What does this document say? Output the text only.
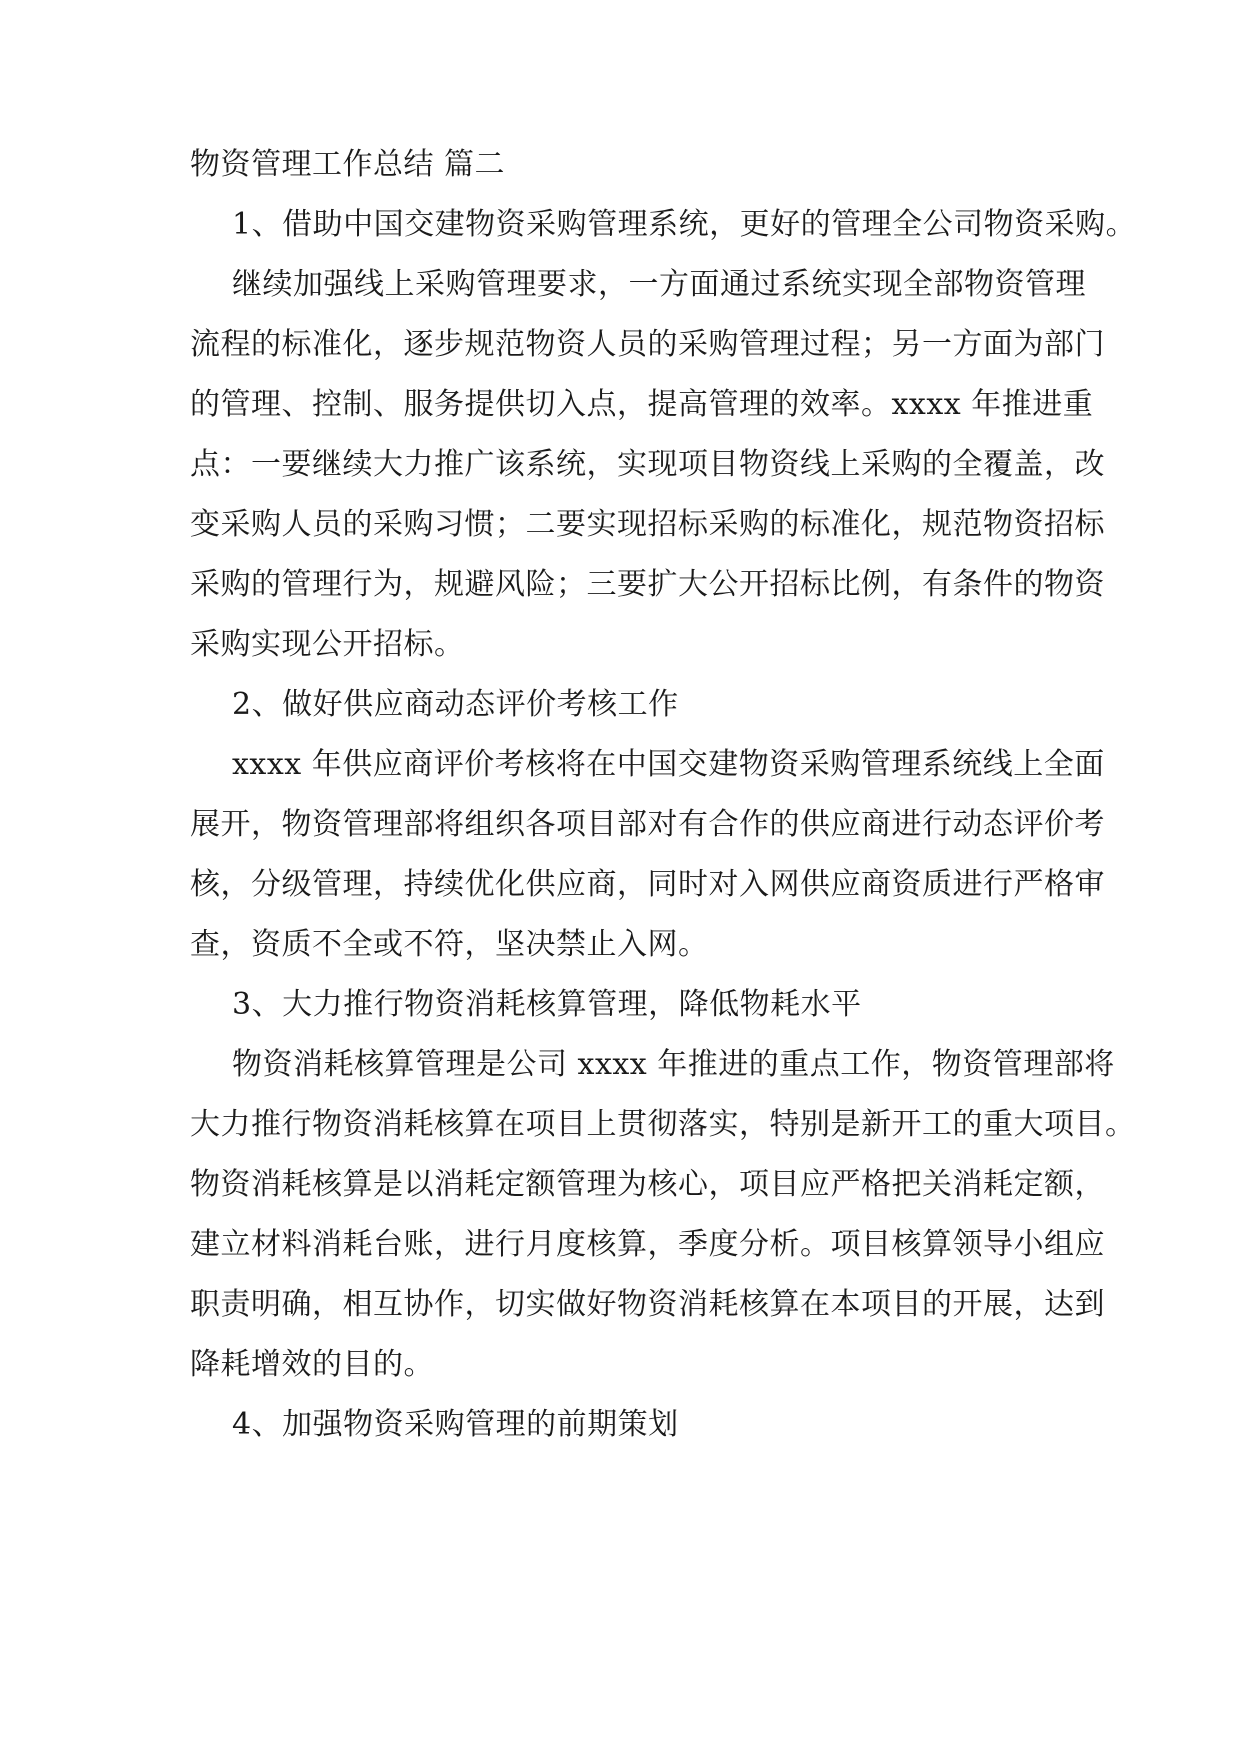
物资管理工作总结 篇二
1、借助中国交建物资采购管理系统，更好的管理全公司物资采购。
继续加强线上采购管理要求，一方面通过系统实现全部物资管理
流程的标准化，逐步规范物资人员的采购管理过程；另一方面为部门
的管理、控制、服务提供切入点，提高管理的效率。xxxx 年推进重
点：一要继续大力推广该系统，实现项目物资线上采购的全覆盖，改
变采购人员的采购习惯；二要实现招标采购的标准化，规范物资招标
采购的管理行为，规避风险；三要扩大公开招标比例，有条件的物资
采购实现公开招标。
2、做好供应商动态评价考核工作
xxxx 年供应商评价考核将在中国交建物资采购管理系统线上全面
展开，物资管理部将组织各项目部对有合作的供应商进行动态评价考
核，分级管理，持续优化供应商，同时对入网供应商资质进行严格审
查，资质不全或不符，坚决禁止入网。
3、大力推行物资消耗核算管理，降低物耗水平
物资消耗核算管理是公司 xxxx 年推进的重点工作，物资管理部将
大力推行物资消耗核算在项目上贯彻落实，特别是新开工的重大项目。
物资消耗核算是以消耗定额管理为核心，项目应严格把关消耗定额，
建立材料消耗台账，进行月度核算，季度分析。项目核算领导小组应
职责明确，相互协作，切实做好物资消耗核算在本项目的开展，达到
降耗增效的目的。
4、加强物资采购管理的前期策划
